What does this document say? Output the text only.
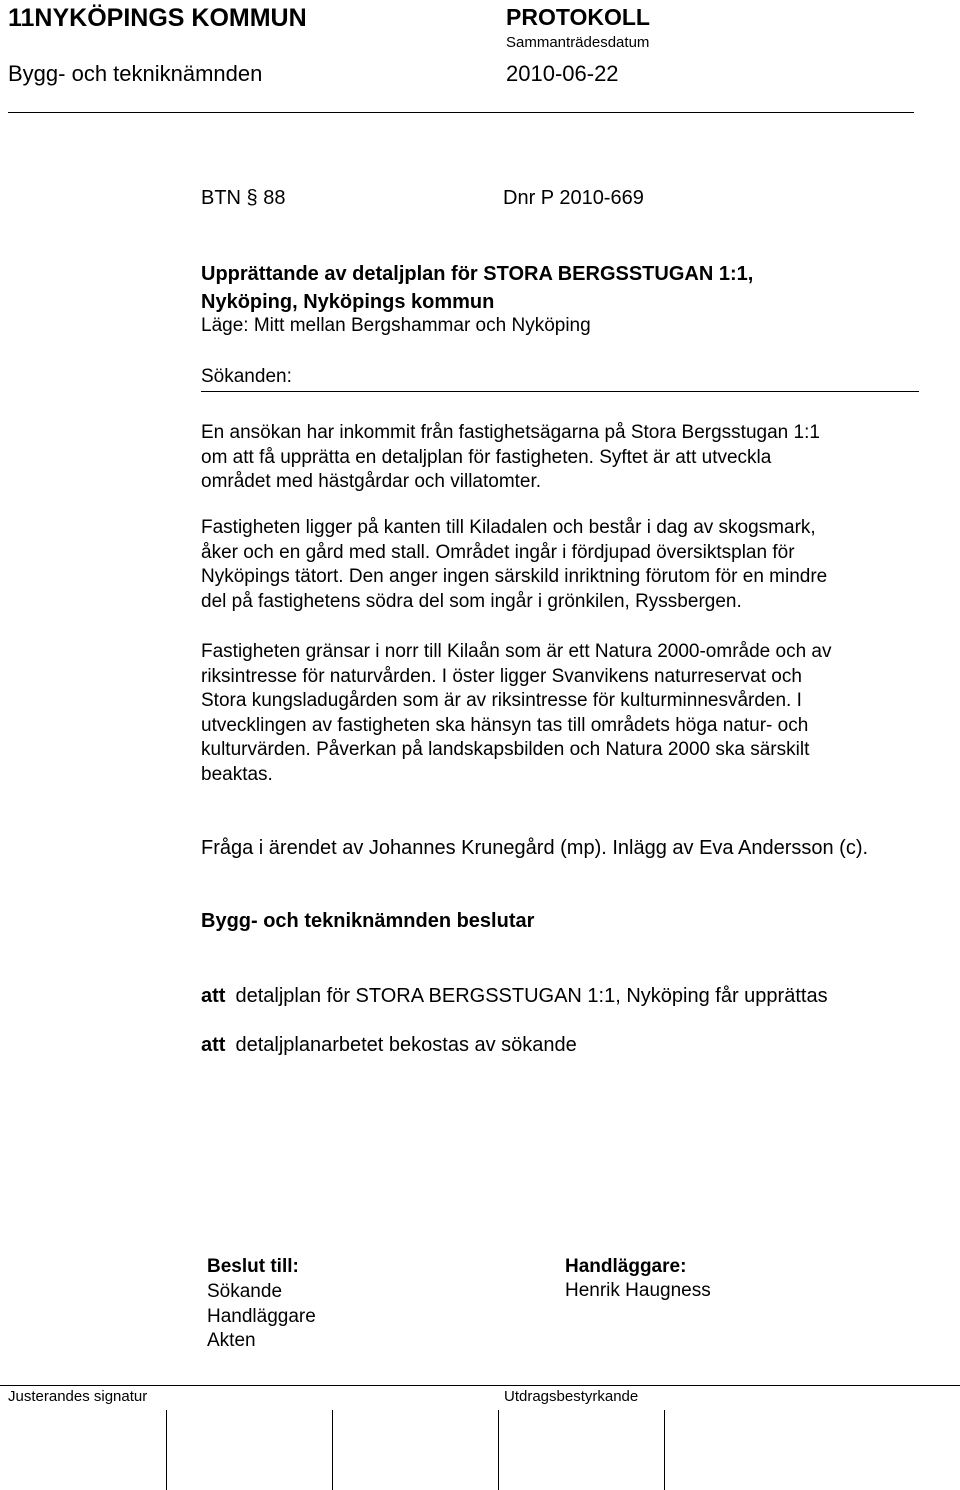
11NYKÖPINGS KOMMUN
Bygg- och tekniknämnden
PROTOKOLL
Sammanträdesdatum
2010-06-22
BTN § 88	Dnr P 2010-669
Upprättande av detaljplan för STORA BERGSSTUGAN 1:1,
Nyköping, Nyköpings kommun
Läge: Mitt mellan Bergshammar och Nyköping
Sökanden:
En ansökan har inkommit från fastighetsägarna på Stora Bergsstugan 1:1
om att få upprätta en detaljplan för fastigheten. Syftet är att utveckla
området med hästgårdar och villatomter.
Fastigheten ligger på kanten till Kiladalen och består i dag av skogsmark,
åker och en gård med stall. Området ingår i fördjupad översiktsplan för
Nyköpings tätort. Den anger ingen särskild inriktning förutom för en mindre
del på fastighetens södra del som ingår i grönkilen, Ryssbergen.
Fastigheten gränsar i norr till Kilaån som är ett Natura 2000-område och av
riksintresse för naturvården. I öster ligger Svanvikens naturreservat och
Stora kungsladugården som är av riksintresse för kulturminnesvården. I
utvecklingen av fastigheten ska hänsyn tas till områdets höga natur- och
kulturvärden. Påverkan på landskapsbilden och Natura 2000 ska särskilt
beaktas.
Fråga i ärendet av Johannes Krunegård (mp). Inlägg av Eva Andersson (c).
Bygg- och tekniknämnden beslutar
att detaljplan för STORA BERGSSTUGAN 1:1, Nyköping får upprättas
att detaljplanarbetet bekostas av sökande
Beslut till:
Sökande
Handläggare
Akten
Handläggare:
Henrik Haugness
Justerandes signatur	Utdragsbestyrkande
